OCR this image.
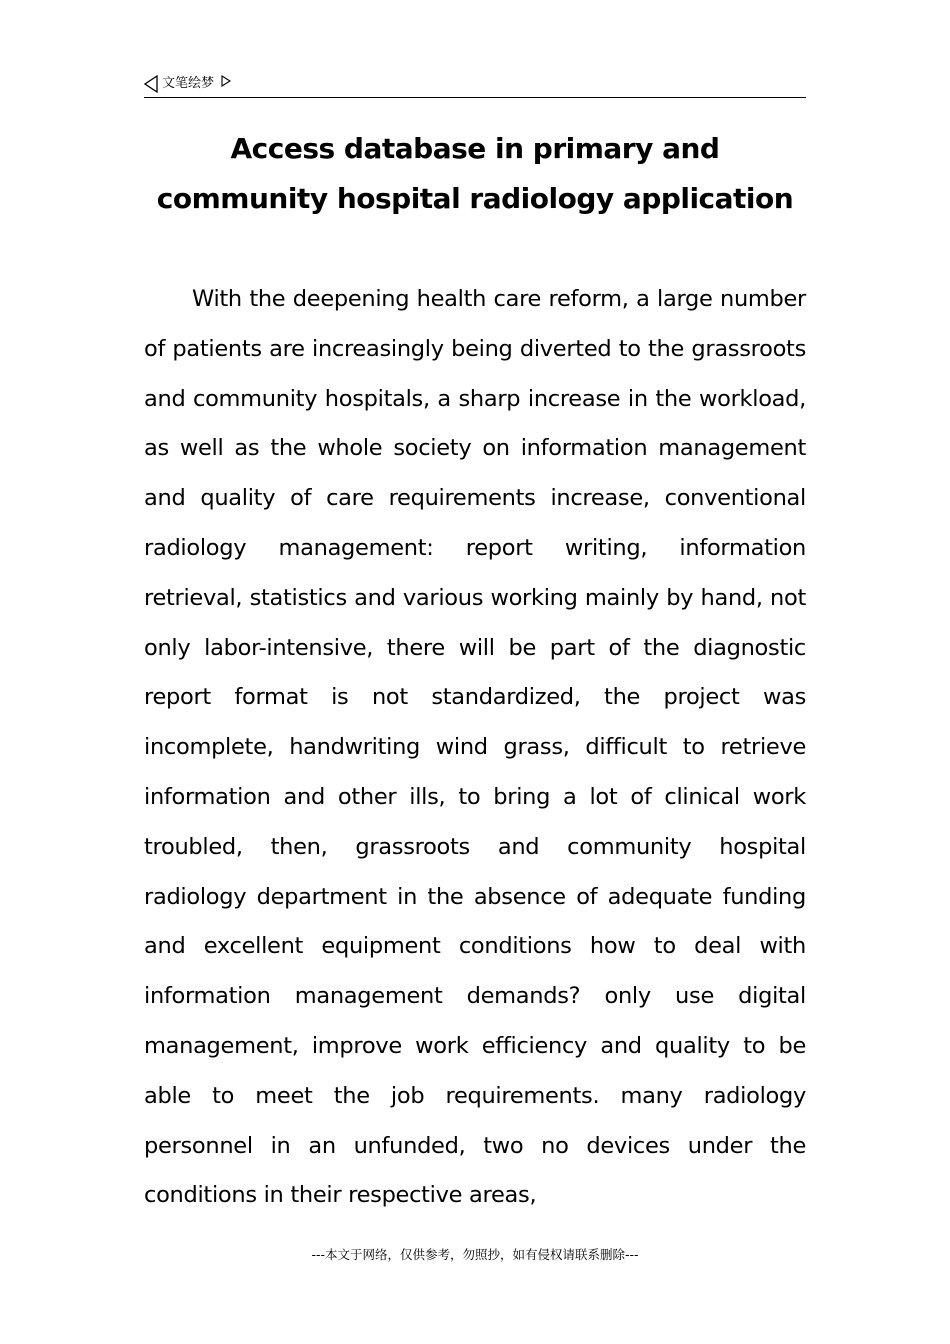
文笔绘梦
Access database in primary and community hospital radiology application

With the deepening health care reform, a large number of patients are increasingly being diverted to the grassroots and community hospitals, a sharp increase in the workload, as well as the whole society on information management and quality of care requirements increase, conventional radiology management: report writing, information retrieval, statistics and various working mainly by hand, not only labor-intensive, there will be part of the diagnostic report format is not standardized, the project was incomplete, handwriting wind grass, difficult to retrieve information and other ills, to bring a lot of clinical work troubled, then, grassroots and community hospital radiology department in the absence of adequate funding and excellent equipment conditions how to deal with information management demands? only use digital management, improve work efficiency and quality to be able to meet the job requirements. many radiology personnel in an unfunded, two no devices under the conditions in their respective areas,

---本文于网络，仅供参考，勿照抄，如有侵权请联系删除---
